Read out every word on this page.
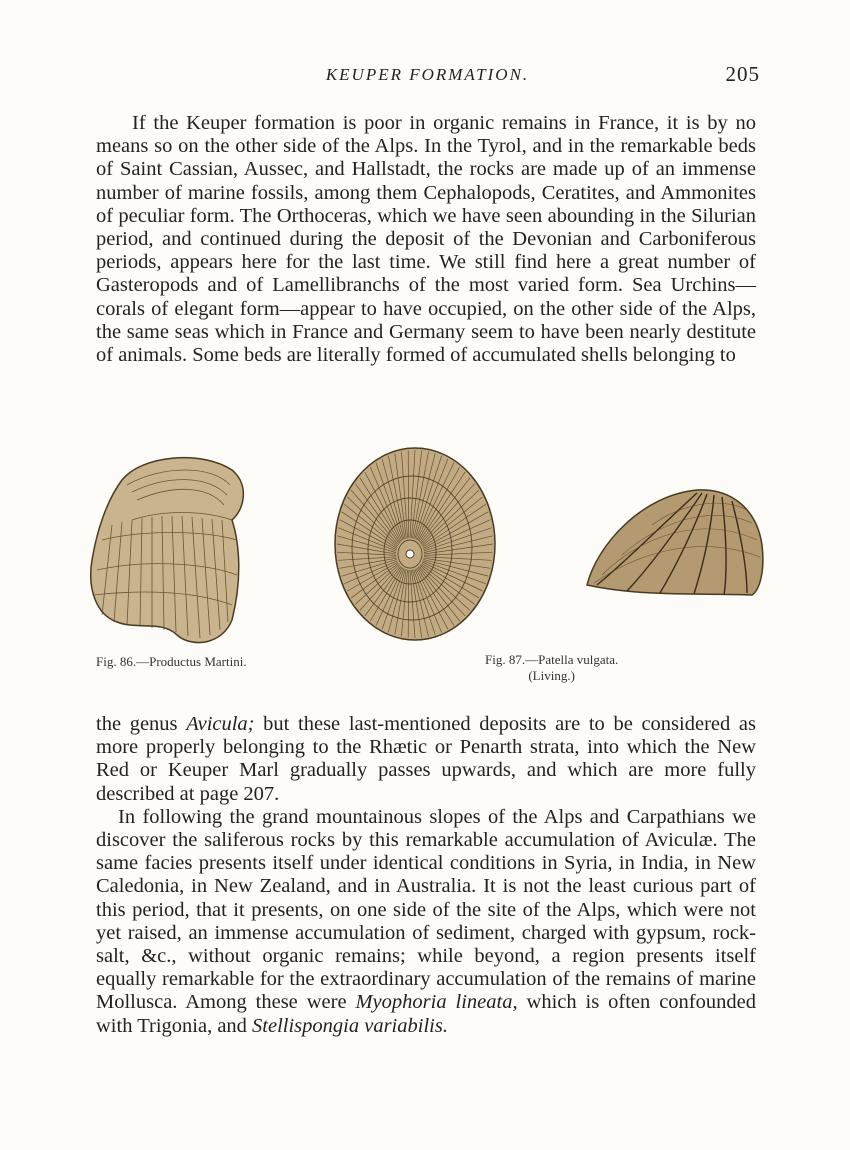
KEUPER FORMATION.	205
If the Keuper formation is poor in organic remains in France, it is by no means so on the other side of the Alps. In the Tyrol, and in the remarkable beds of Saint Cassian, Aussec, and Hallstadt, the rocks are made up of an immense number of marine fossils, among them Cephalopods, Ceratites, and Ammonites of peculiar form. The Orthoceras, which we have seen abounding in the Silurian period, and continued during the deposit of the Devonian and Carboniferous periods, appears here for the last time. We still find here a great number of Gasteropods and of Lamellibranchs of the most varied form. Sea Urchins—corals of elegant form—appear to have occupied, on the other side of the Alps, the same seas which in France and Germany seem to have been nearly destitute of animals. Some beds are literally formed of accumulated shells belonging to
Fig. 86.—Productus Martini.	Fig. 87.—Patella vulgata.
(Living.)

the genus Avicula; but these last-mentioned deposits are to be considered as more properly belonging to the Rhætic or Penarth strata, into which the New Red or Keuper Marl gradually passes upwards, and which are more fully described at page 207.

In following the grand mountainous slopes of the Alps and Carpathians we discover the saliferous rocks by this remarkable accumulation of Aviculæ. The same facies presents itself under identical conditions in Syria, in India, in New Caledonia, in New Zealand, and in Australia. It is not the least curious part of this period, that it presents, on one side of the site of the Alps, which were not yet raised, an immense accumulation of sediment, charged with gypsum, rock-salt, &c., without organic remains; while beyond, a region presents itself equally remarkable for the extraordinary accumulation of the remains of marine Mollusca. Among these were Myophoria lineata, which is often confounded with Trigonia, and Stellispongia variabilis.
